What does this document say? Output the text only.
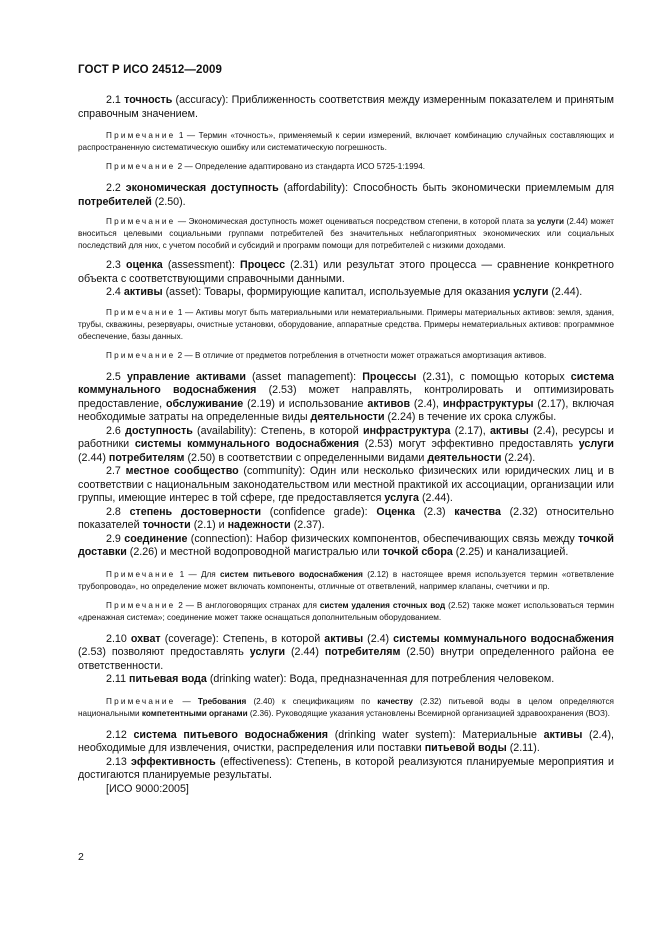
ГОСТ Р ИСО 24512—2009

2.1 точность (accuracy): Приближенность соответствия между измеренным показателем и принятым справочным значением.

Примечание 1 — Термин «точность», применяемый к серии измерений, включает комбинацию случайных составляющих и распространенную систематическую ошибку или систематическую погрешность.

Примечание 2 — Определение адаптировано из стандарта ИСО 5725-1:1994.

2.2 экономическая доступность (affordability): Способность быть экономически приемлемым для потребителей (2.50).

Примечание — Экономическая доступность может оцениваться посредством степени, в которой плата за услуги (2.44) может вноситься целевыми социальными группами потребителей без значительных неблагоприятных экономических или социальных последствий для них, с учетом пособий и субсидий и программ помощи для потребителей с низкими доходами.

2.3 оценка (assessment): Процесс (2.31) или результат этого процесса — сравнение конкретного объекта с соответствующими справочными данными.

2.4 активы (asset): Товары, формирующие капитал, используемые для оказания услуги (2.44).

Примечание 1 — Активы могут быть материальными или нематериальными. Примеры материальных активов: земля, здания, трубы, скважины, резервуары, очистные установки, оборудование, аппаратные средства. Примеры нематериальных активов: программное обеспечение, базы данных.

Примечание 2 — В отличие от предметов потребления в отчетности может отражаться амортизация активов.

2.5 управление активами (asset management): Процессы (2.31), с помощью которых система коммунального водоснабжения (2.53) может направлять, контролировать и оптимизировать предоставление, обслуживание (2.19) и использование активов (2.4), инфраструктуры (2.17), включая необходимые затраты на определенные виды деятельности (2.24) в течение их срока службы.

2.6 доступность (availability): Степень, в которой инфраструктура (2.17), активы (2.4), ресурсы и работники системы коммунального водоснабжения (2.53) могут эффективно предоставлять услуги (2.44) потребителям (2.50) в соответствии с определенными видами деятельности (2.24).

2.7 местное сообщество (community): Один или несколько физических или юридических лиц и в соответствии с национальным законодательством или местной практикой их ассоциации, организации или группы, имеющие интерес в той сфере, где предоставляется услуга (2.44).

2.8 степень достоверности (confidence grade): Оценка (2.3) качества (2.32) относительно показателей точности (2.1) и надежности (2.37).

2.9 соединение (connection): Набор физических компонентов, обеспечивающих связь между точкой доставки (2.26) и местной водопроводной магистралью или точкой сбора (2.25) и канализацией.

Примечание 1 — Для систем питьевого водоснабжения (2.12) в настоящее время используется термин «ответвление трубопровода», но определение может включать компоненты, отличные от ответвлений, например клапаны, счетчики и пр.

Примечание 2 — В англоговорящих странах для систем удаления сточных вод (2.52) также может использоваться термин «дренажная система»; соединение может также оснащаться дополнительным оборудованием.

2.10 охват (coverage): Степень, в которой активы (2.4) системы коммунального водоснабжения (2.53) позволяют предоставлять услуги (2.44) потребителям (2.50) внутри определенного района ее ответственности.

2.11 питьевая вода (drinking water): Вода, предназначенная для потребления человеком.

Примечание — Требования (2.40) к спецификациям по качеству (2.32) питьевой воды в целом определяются национальными компетентными органами (2.36). Руководящие указания установлены Всемирной организацией здравоохранения (ВОЗ).

2.12 система питьевого водоснабжения (drinking water system): Материальные активы (2.4), необходимые для извлечения, очистки, распределения или поставки питьевой воды (2.11).

2.13 эффективность (effectiveness): Степень, в которой реализуются планируемые мероприятия и достигаются планируемые результаты.

[ИСО 9000:2005]

2
